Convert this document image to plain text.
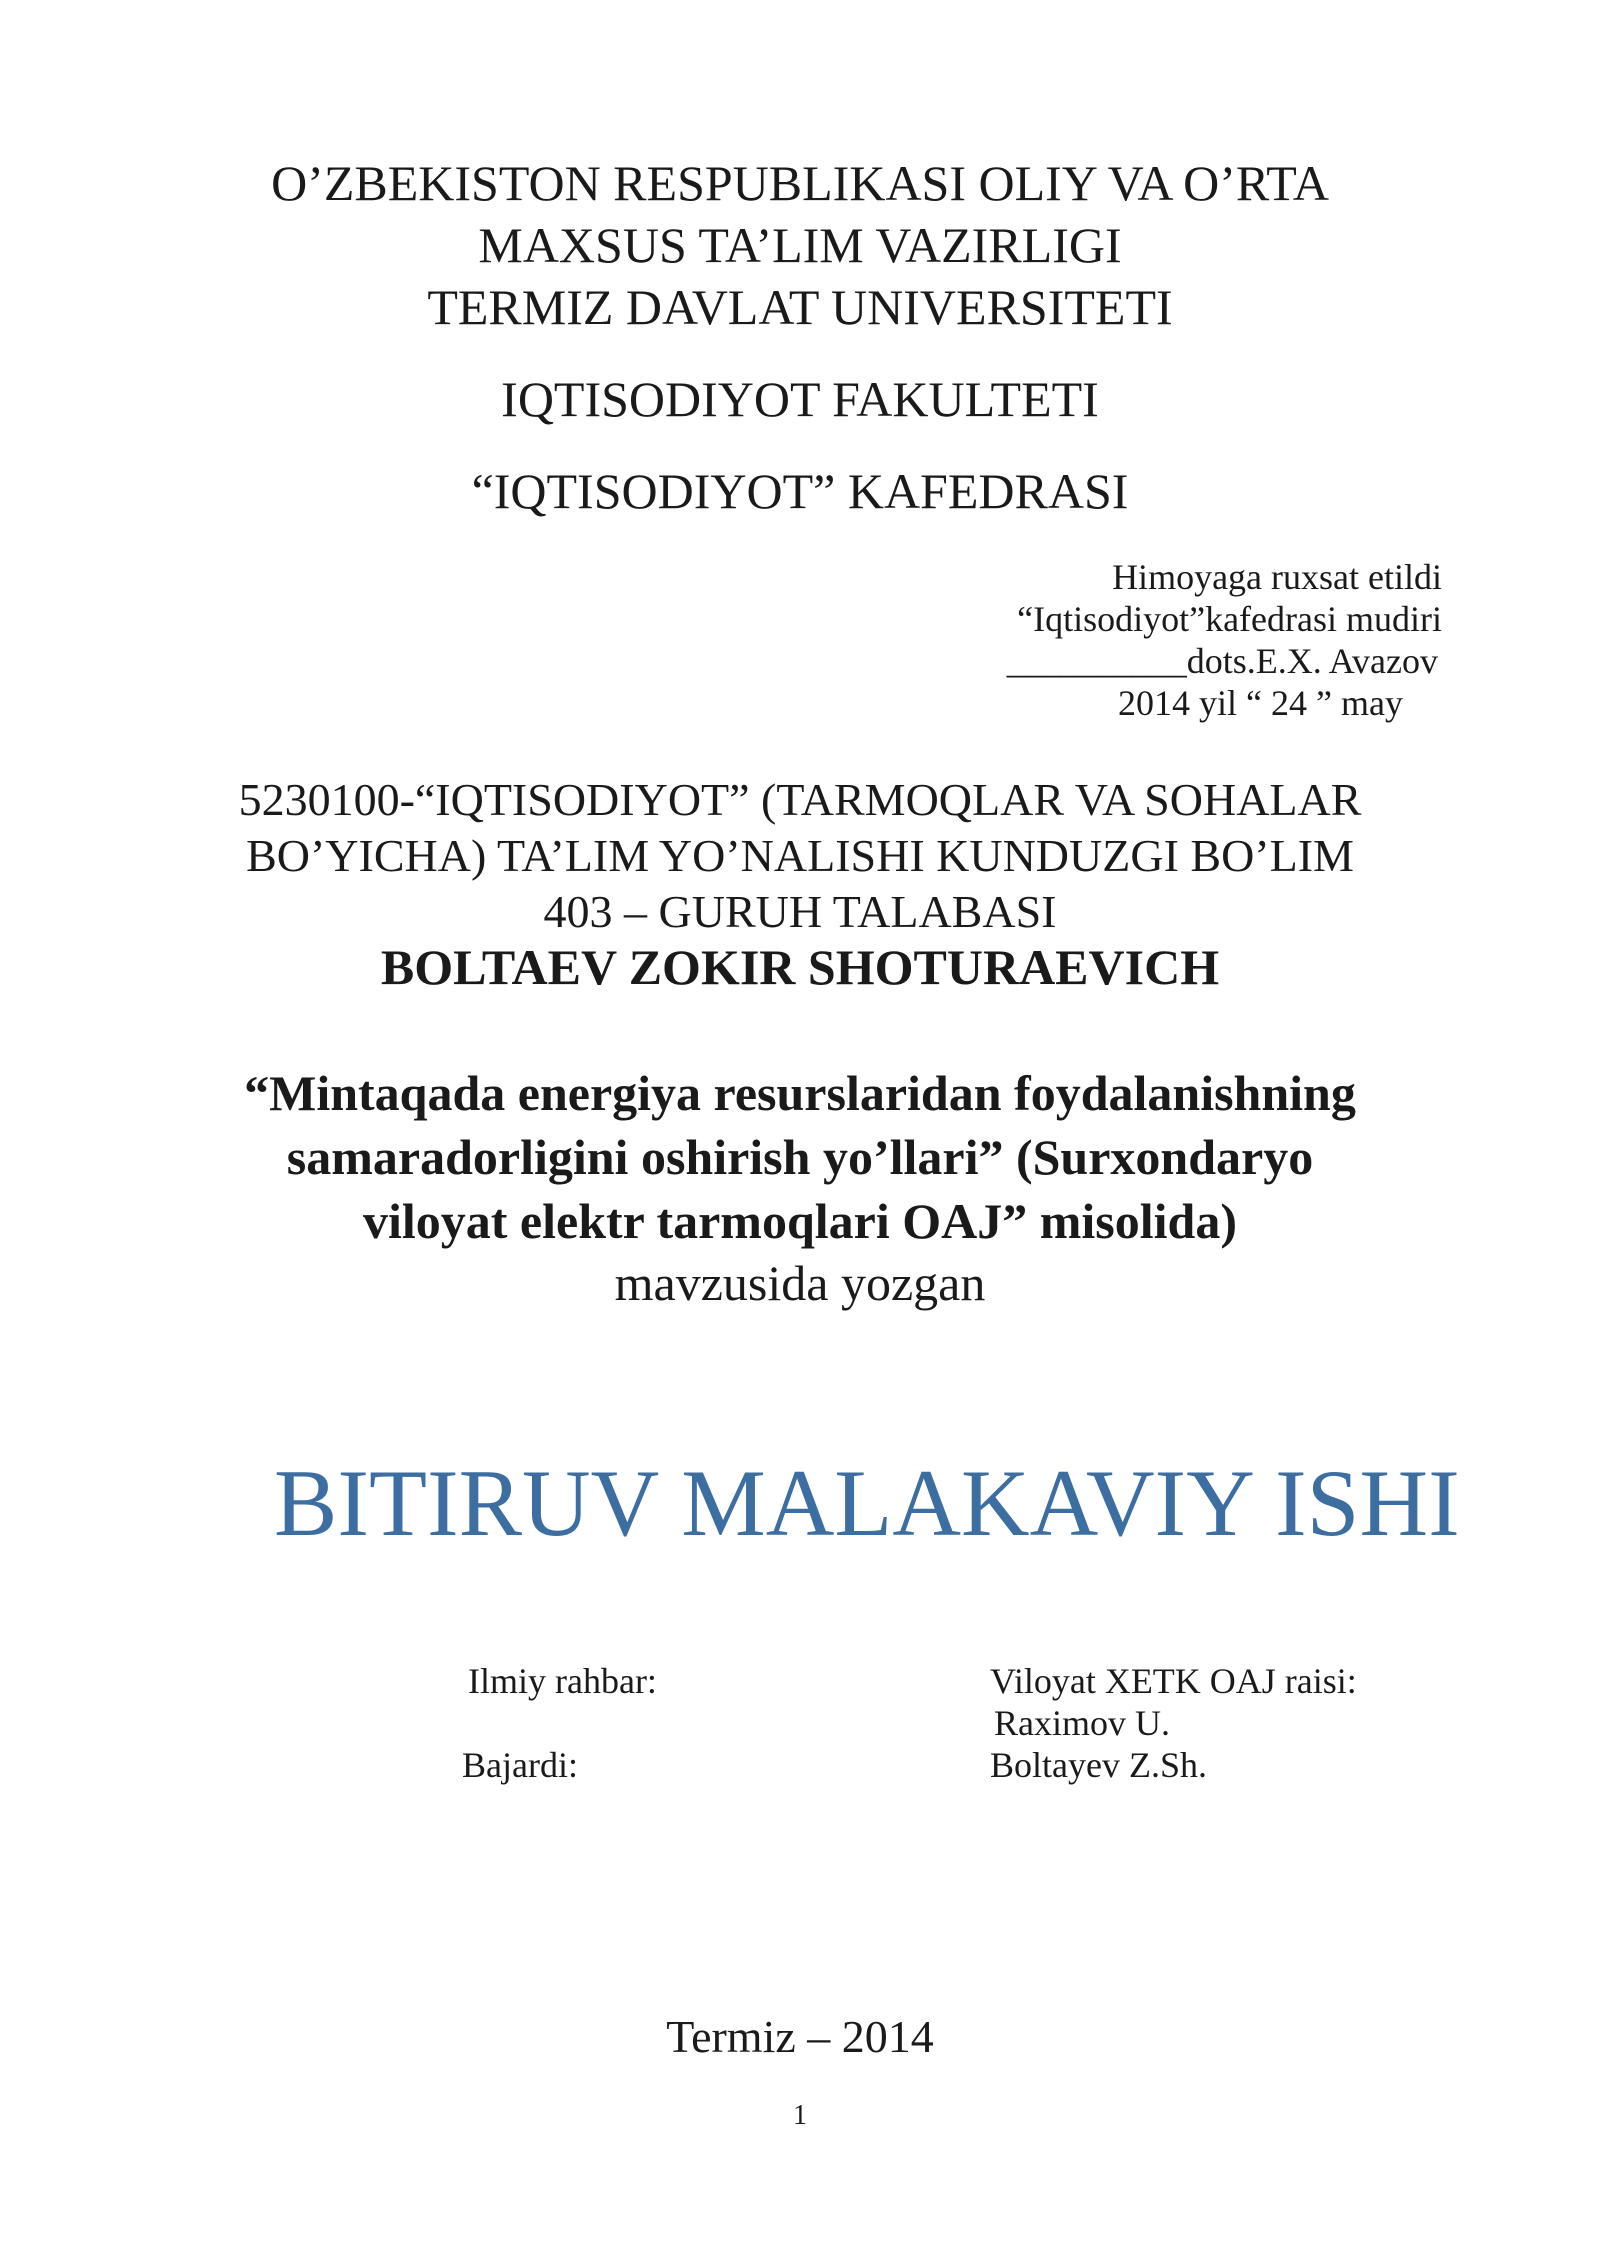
O’ZBEKISTON RESPUBLIKASI OLIY VA O’RTA
MAXSUS TA’LIM VAZIRLIGI
TERMIZ DAVLAT UNIVERSITETI
IQTISODIYOT FAKULTETI
“IQTISODIYOT” KAFEDRASI
Himoyaga ruxsat etildi
“Iqtisodiyot”kafedrasi mudiri
__________dots.E.X. Avazov
2014 yil “ 24 ” may
5230100-“IQTISODIYOT” (TARMOQLAR VA SOHALAR
BO’YICHA) TA’LIM YO’NALISHI KUNDUZGI BO’LIM
403 – GURUH TALABASI
BOLTAEV ZOKIR SHOTURAEVICH
“Mintaqada energiya resurslaridan foydalanishning
samaradorligini oshirish yo’llari” (Surxondaryo
viloyat elektr tarmoqlari OAJ” misolida)
mavzusida yozgan
BITIRUV MALAKAVIY ISHI
Ilmiy rahbar:	Viloyat XETK OAJ raisi:
Raximov U.
Bajardi:	Boltayev Z.Sh.
Termiz – 2014
1
